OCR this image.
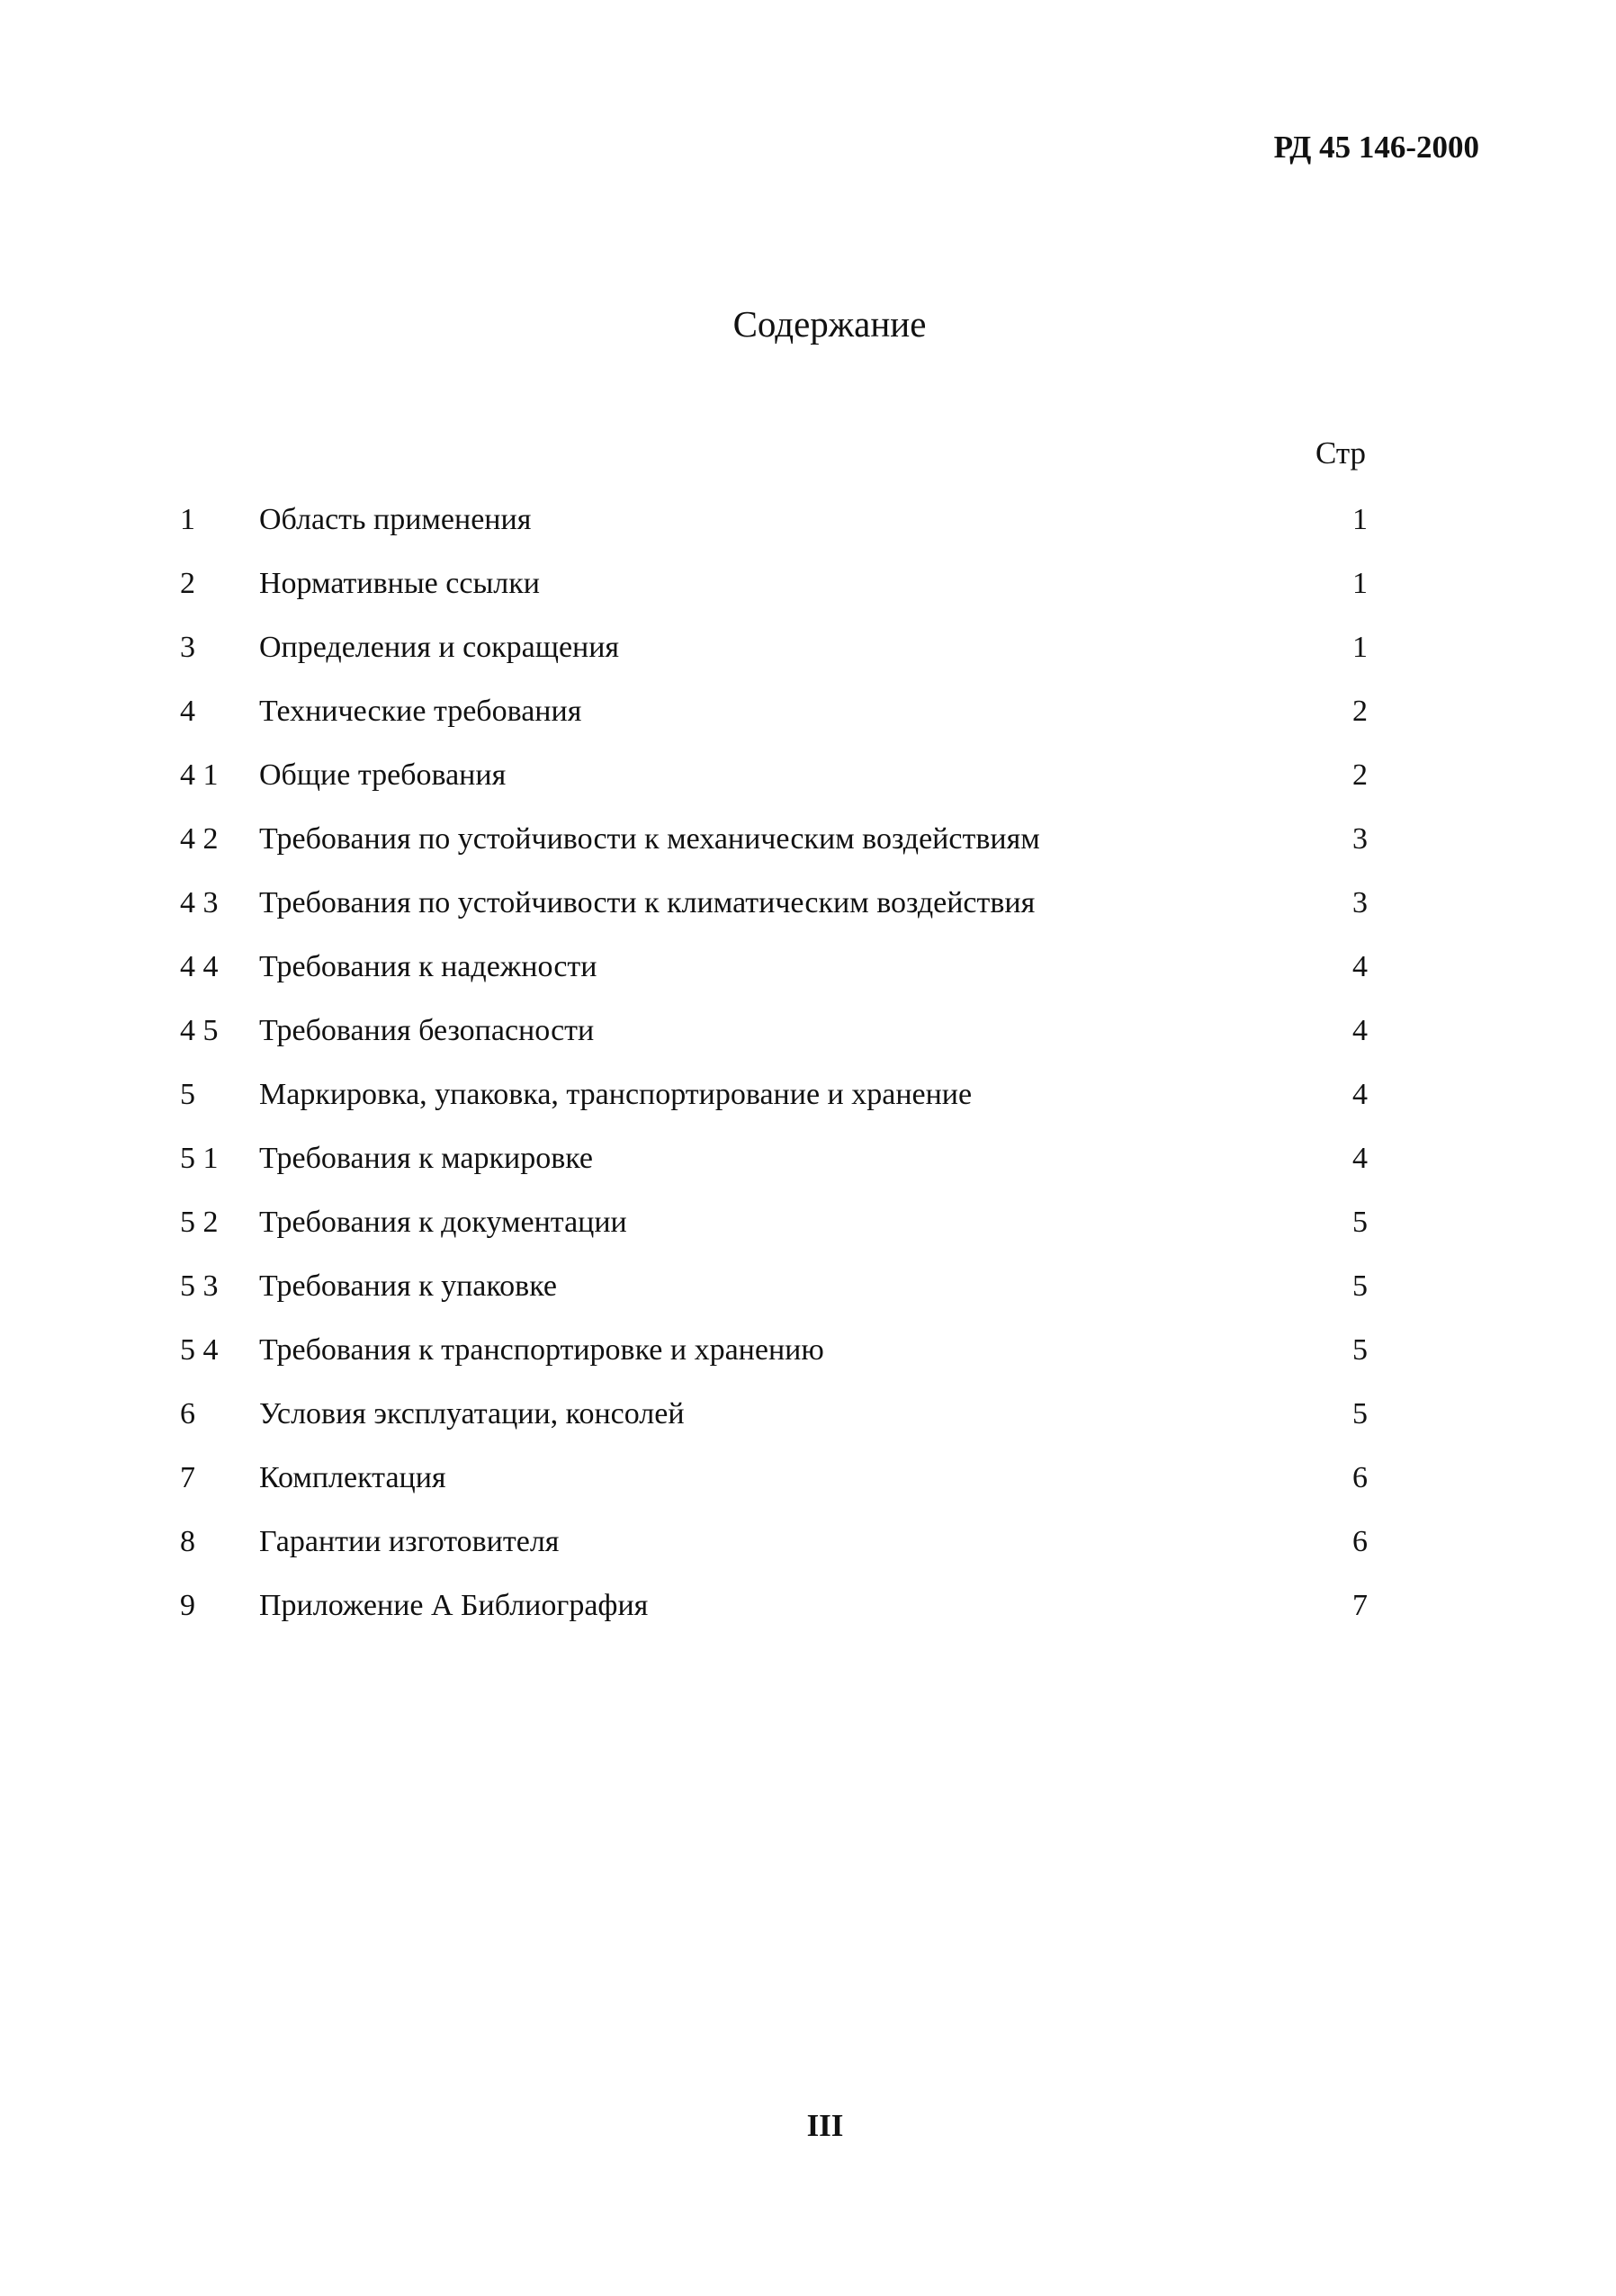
РД 45 146-2000
Содержание
Стр
1 Область применения	1
2 Нормативные ссылки	1
3 Определения и сокращения	1
4 Технические требования	2
4 1 Общие требования	2
4 2 Требования по устойчивости к механическим воздействиям	3
4 3 Требования по устойчивости к климатическим воздействия	3
4 4 Требования к надежности	4
4 5 Требования безопасности	4
5 Маркировка, упаковка, транспортирование и хранение	4
5 1 Требования к маркировке	4
5 2 Требования к документации	5
5 3 Требования к упаковке	5
5 4 Требования к транспортировке и хранению	5
6 Условия эксплуатации, консолей	5
7 Комплектация	6
8 Гарантии изготовителя	6
9 Приложение А Библиография	7
III
